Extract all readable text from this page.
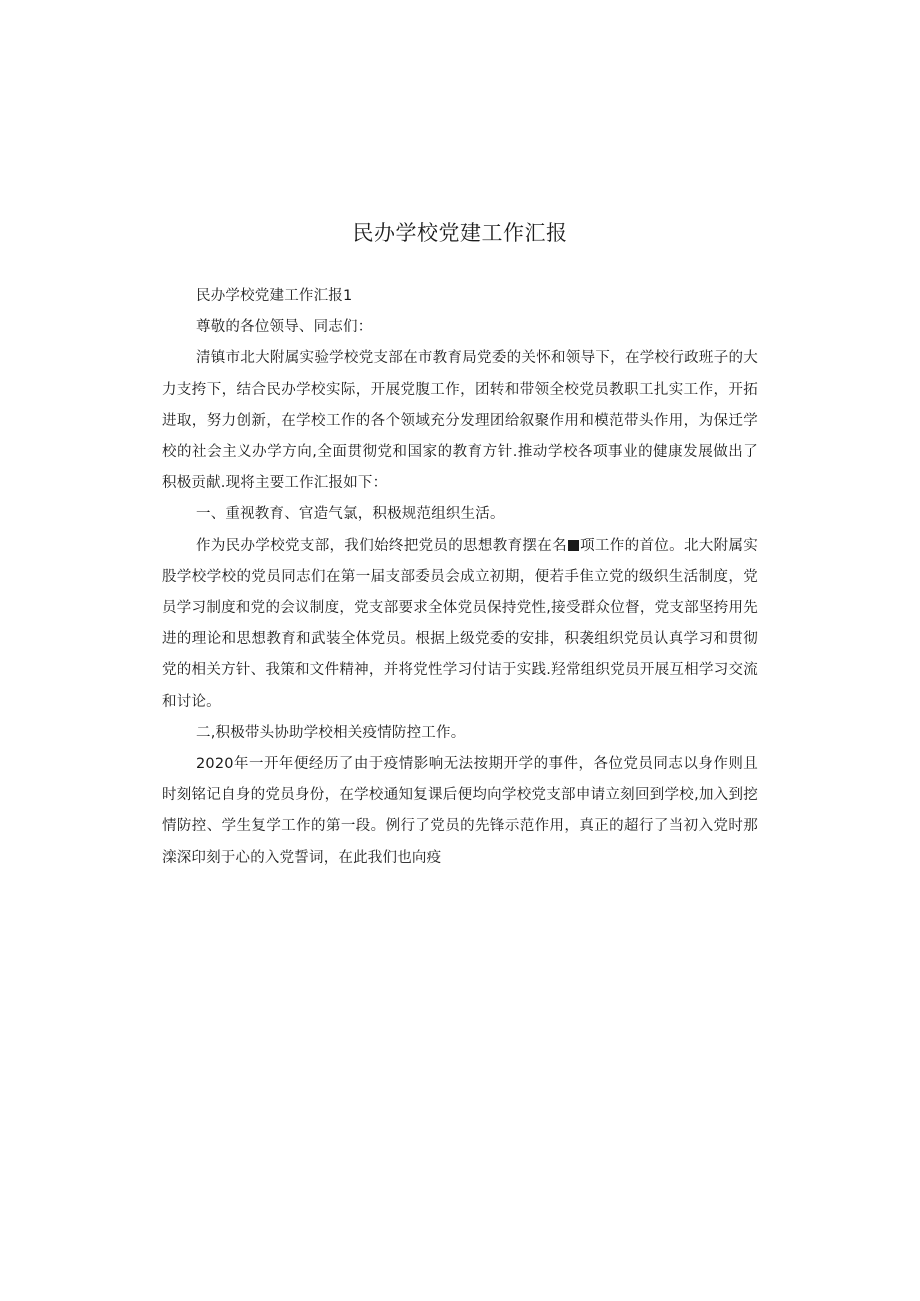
民办学校党建工作汇报

民办学校党建工作汇报1

尊敬的各位领导、同志们：

清镇市北大附属实验学校党支部在市教育局党委的关怀和领导下，在学校行政班子的大力支挎下，结合民办学校实际，开展党腹工作，团转和带领全校党员教职工扎实工作，开拓进取，努力创新，在学校工作的各个领域充分发理团给叙聚作用和模范带头作用，为保迁学校的社会主义办学方向,全面贯彻党和国家的教育方针.推动学校各项事业的健康发展做出了积极贡献.现将主要工作汇报如下：

一、重视教育、官造气氯，积极规范组织生活。

作为民办学校党支部，我们始终把党员的思想教育摆在名 项工作的首位。北大附属实股学校学校的党员同志们在第一届支部委员会成立初期，便若手隹立党的级织生活制度，党员学习制度和党的会议制度，党支部要求全体党员保持党性,接受群众位督，党支部坚挎用先进的理论和思想教育和武装全体党员。根据上级党委的安排，积袭组织党员认真学习和贯彻党的相关方针、我策和文件精神，并将党性学习付诘于实践.羟常组织党员开展互相学习交流和讨论。

二,积极带头协助学校相关疫情防控工作。

2020年一开年便经历了由于疫情影响无法按期开学的事件，各位党员同志以身作则且时刻铭记自身的党员身份，在学校通知复课后便均向学校党支部申请立刻回到学校,加入到挖情防控、学生复学工作的第一段。例行了党员的先锋示范作用，真正的超行了当初入党时那滦深印刻于心的入党誓词，在此我们也向疫
